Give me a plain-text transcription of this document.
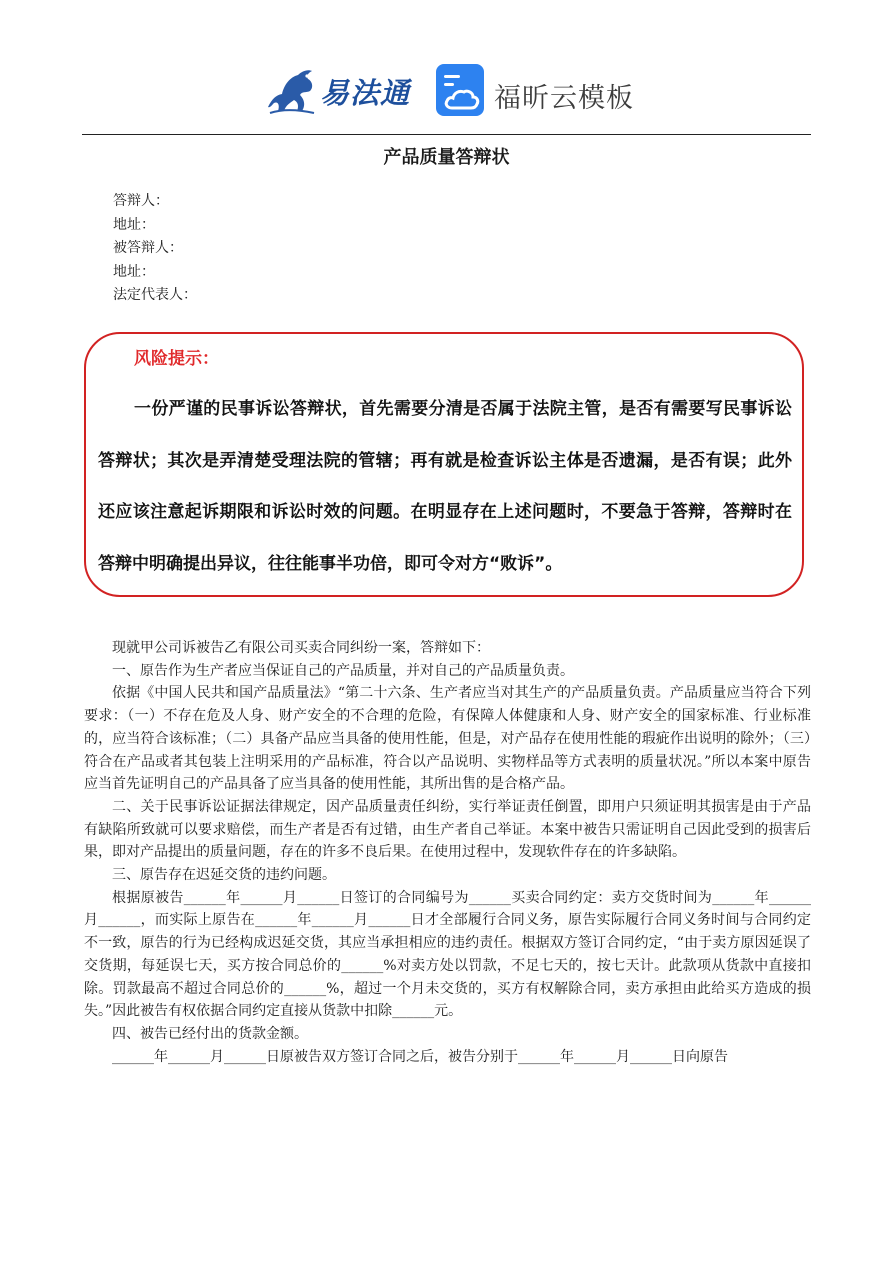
易法通	福昕云模板
产品质量答辩状
答辩人：
地址：
被答辩人：
地址：
法定代表人：
风险提示：
一份严谨的民事诉讼答辩状，首先需要分清是否属于法院主管，是否有需要写民事诉讼答辩状；其次是弄清楚受理法院的管辖；再有就是检查诉讼主体是否遗漏，是否有误；此外还应该注意起诉期限和诉讼时效的问题。在明显存在上述问题时，不要急于答辩，答辩时在答辩中明确提出异议，往往能事半功倍，即可令对方“败诉”。

现就甲公司诉被告乙有限公司买卖合同纠纷一案，答辩如下：

一、原告作为生产者应当保证自己的产品质量，并对自己的产品质量负责。

依据《中国人民共和国产品质量法》“第二十六条、生产者应当对其生产的产品质量负责。产品质量应当符合下列要求：（一）不存在危及人身、财产安全的不合理的危险，有保障人体健康和人身、财产安全的国家标准、行业标准的，应当符合该标准；（二）具备产品应当具备的使用性能，但是，对产品存在使用性能的瑕疵作出说明的除外；（三）符合在产品或者其包装上注明采用的产品标准，符合以产品说明、实物样品等方式表明的质量状况。”所以本案中原告应当首先证明自己的产品具备了应当具备的使用性能，其所出售的是合格产品。

二、关于民事诉讼证据法律规定，因产品质量责任纠纷，实行举证责任倒置，即用户只须证明其损害是由于产品有缺陷所致就可以要求赔偿，而生产者是否有过错，由生产者自己举证。本案中被告只需证明自己因此受到的损害后果，即对产品提出的质量问题，存在的许多不良后果。在使用过程中，发现软件存在的许多缺陷。

三、原告存在迟延交货的违约问题。

根据原被告______年______月______日签订的合同编号为______买卖合同约定：卖方交货时间为______年______月______，而实际上原告在______年______月______日才全部履行合同义务，原告实际履行合同义务时间与合同约定不一致，原告的行为已经构成迟延交货，其应当承担相应的违约责任。根据双方签订合同约定，“由于卖方原因延误了交货期，每延误七天，买方按合同总价的______%对卖方处以罚款，不足七天的，按七天计。此款项从货款中直接扣除。罚款最高不超过合同总价的______%，超过一个月未交货的，买方有权解除合同，卖方承担由此给买方造成的损失。”因此被告有权依据合同约定直接从货款中扣除______元。

四、被告已经付出的货款金额。

______年______月______日原被告双方签订合同之后，被告分别于______年______月______日向原告
